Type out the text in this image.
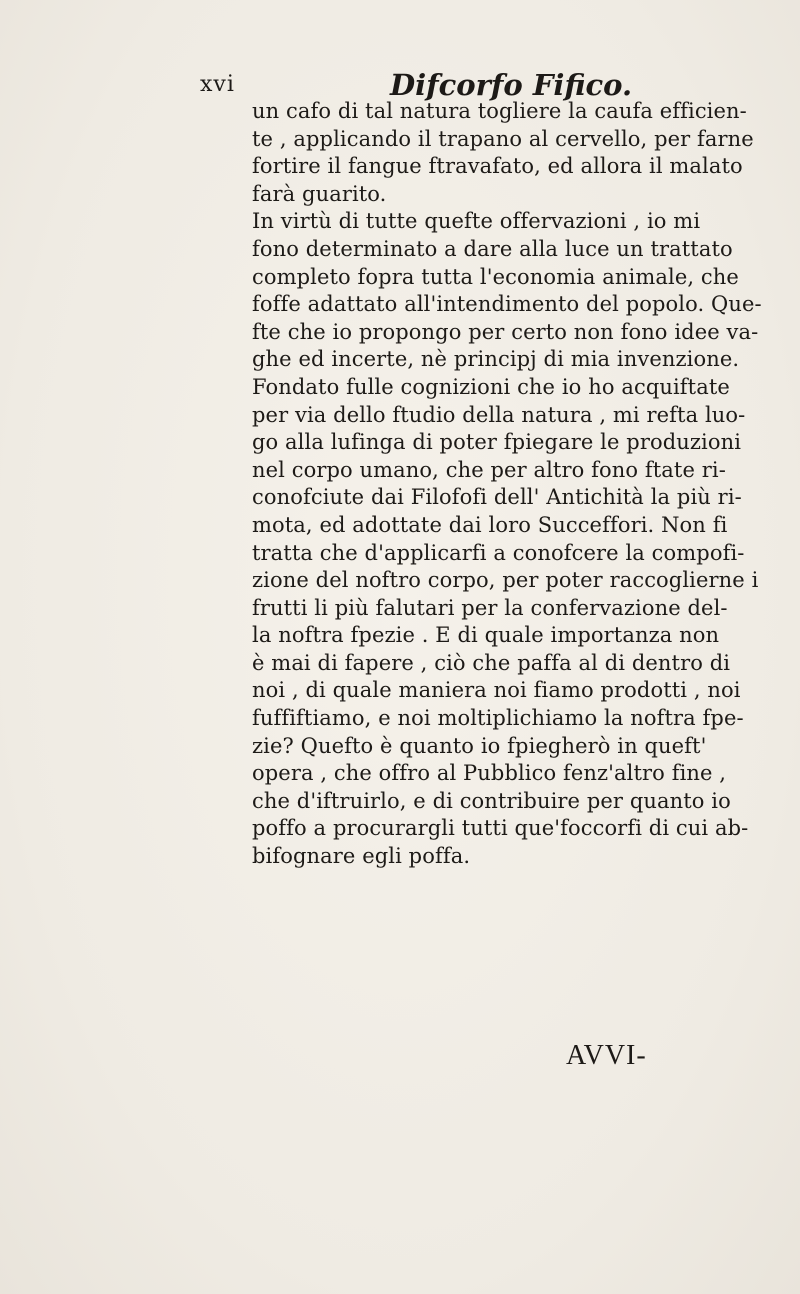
xvi	Difcorfo Fifico.
un cafo di tal natura togliere la caufa efficien-
te , applicando il trapano al cervello, per farne
fortire il fangue ftravafato, ed allora il malato
farà guarito.
In virtù di tutte quefte offervazioni , io mi
fono determinato a dare alla luce un trattato
completo fopra tutta l'economia animale, che
foffe adattato all'intendimento del popolo. Que-
fte che io propongo per certo non fono idee va-
ghe ed incerte, nè principj di mia invenzione.
Fondato fulle cognizioni che io ho acquiftate
per via dello ftudio della natura , mi refta luo-
go alla lufinga di poter fpiegare le produzioni
nel corpo umano, che per altro fono ftate ri-
conofciute dai Filofofi dell' Antichità la più ri-
mota, ed adottate dai loro Succeffori. Non fi
tratta che d'applicarfi a conofcere la compofi-
zione del noftro corpo, per poter raccoglierne i
frutti li più falutari per la confervazione del-
la noftra fpezie . E di quale importanza non
è mai di fapere , ciò che paffa al di dentro di
noi , di quale maniera noi fiamo prodotti , noi
fuffiftiamo, e noi moltiplichiamo la noftra fpe-
zie? Quefto è quanto io fpiegherò in queft'
opera , che offro al Pubblico fenz'altro fine ,
che d'iftruirlo, e di contribuire per quanto io
poffo a procurargli tutti que'foccorfi di cui ab-
bifognare egli poffa.
AVVI-
